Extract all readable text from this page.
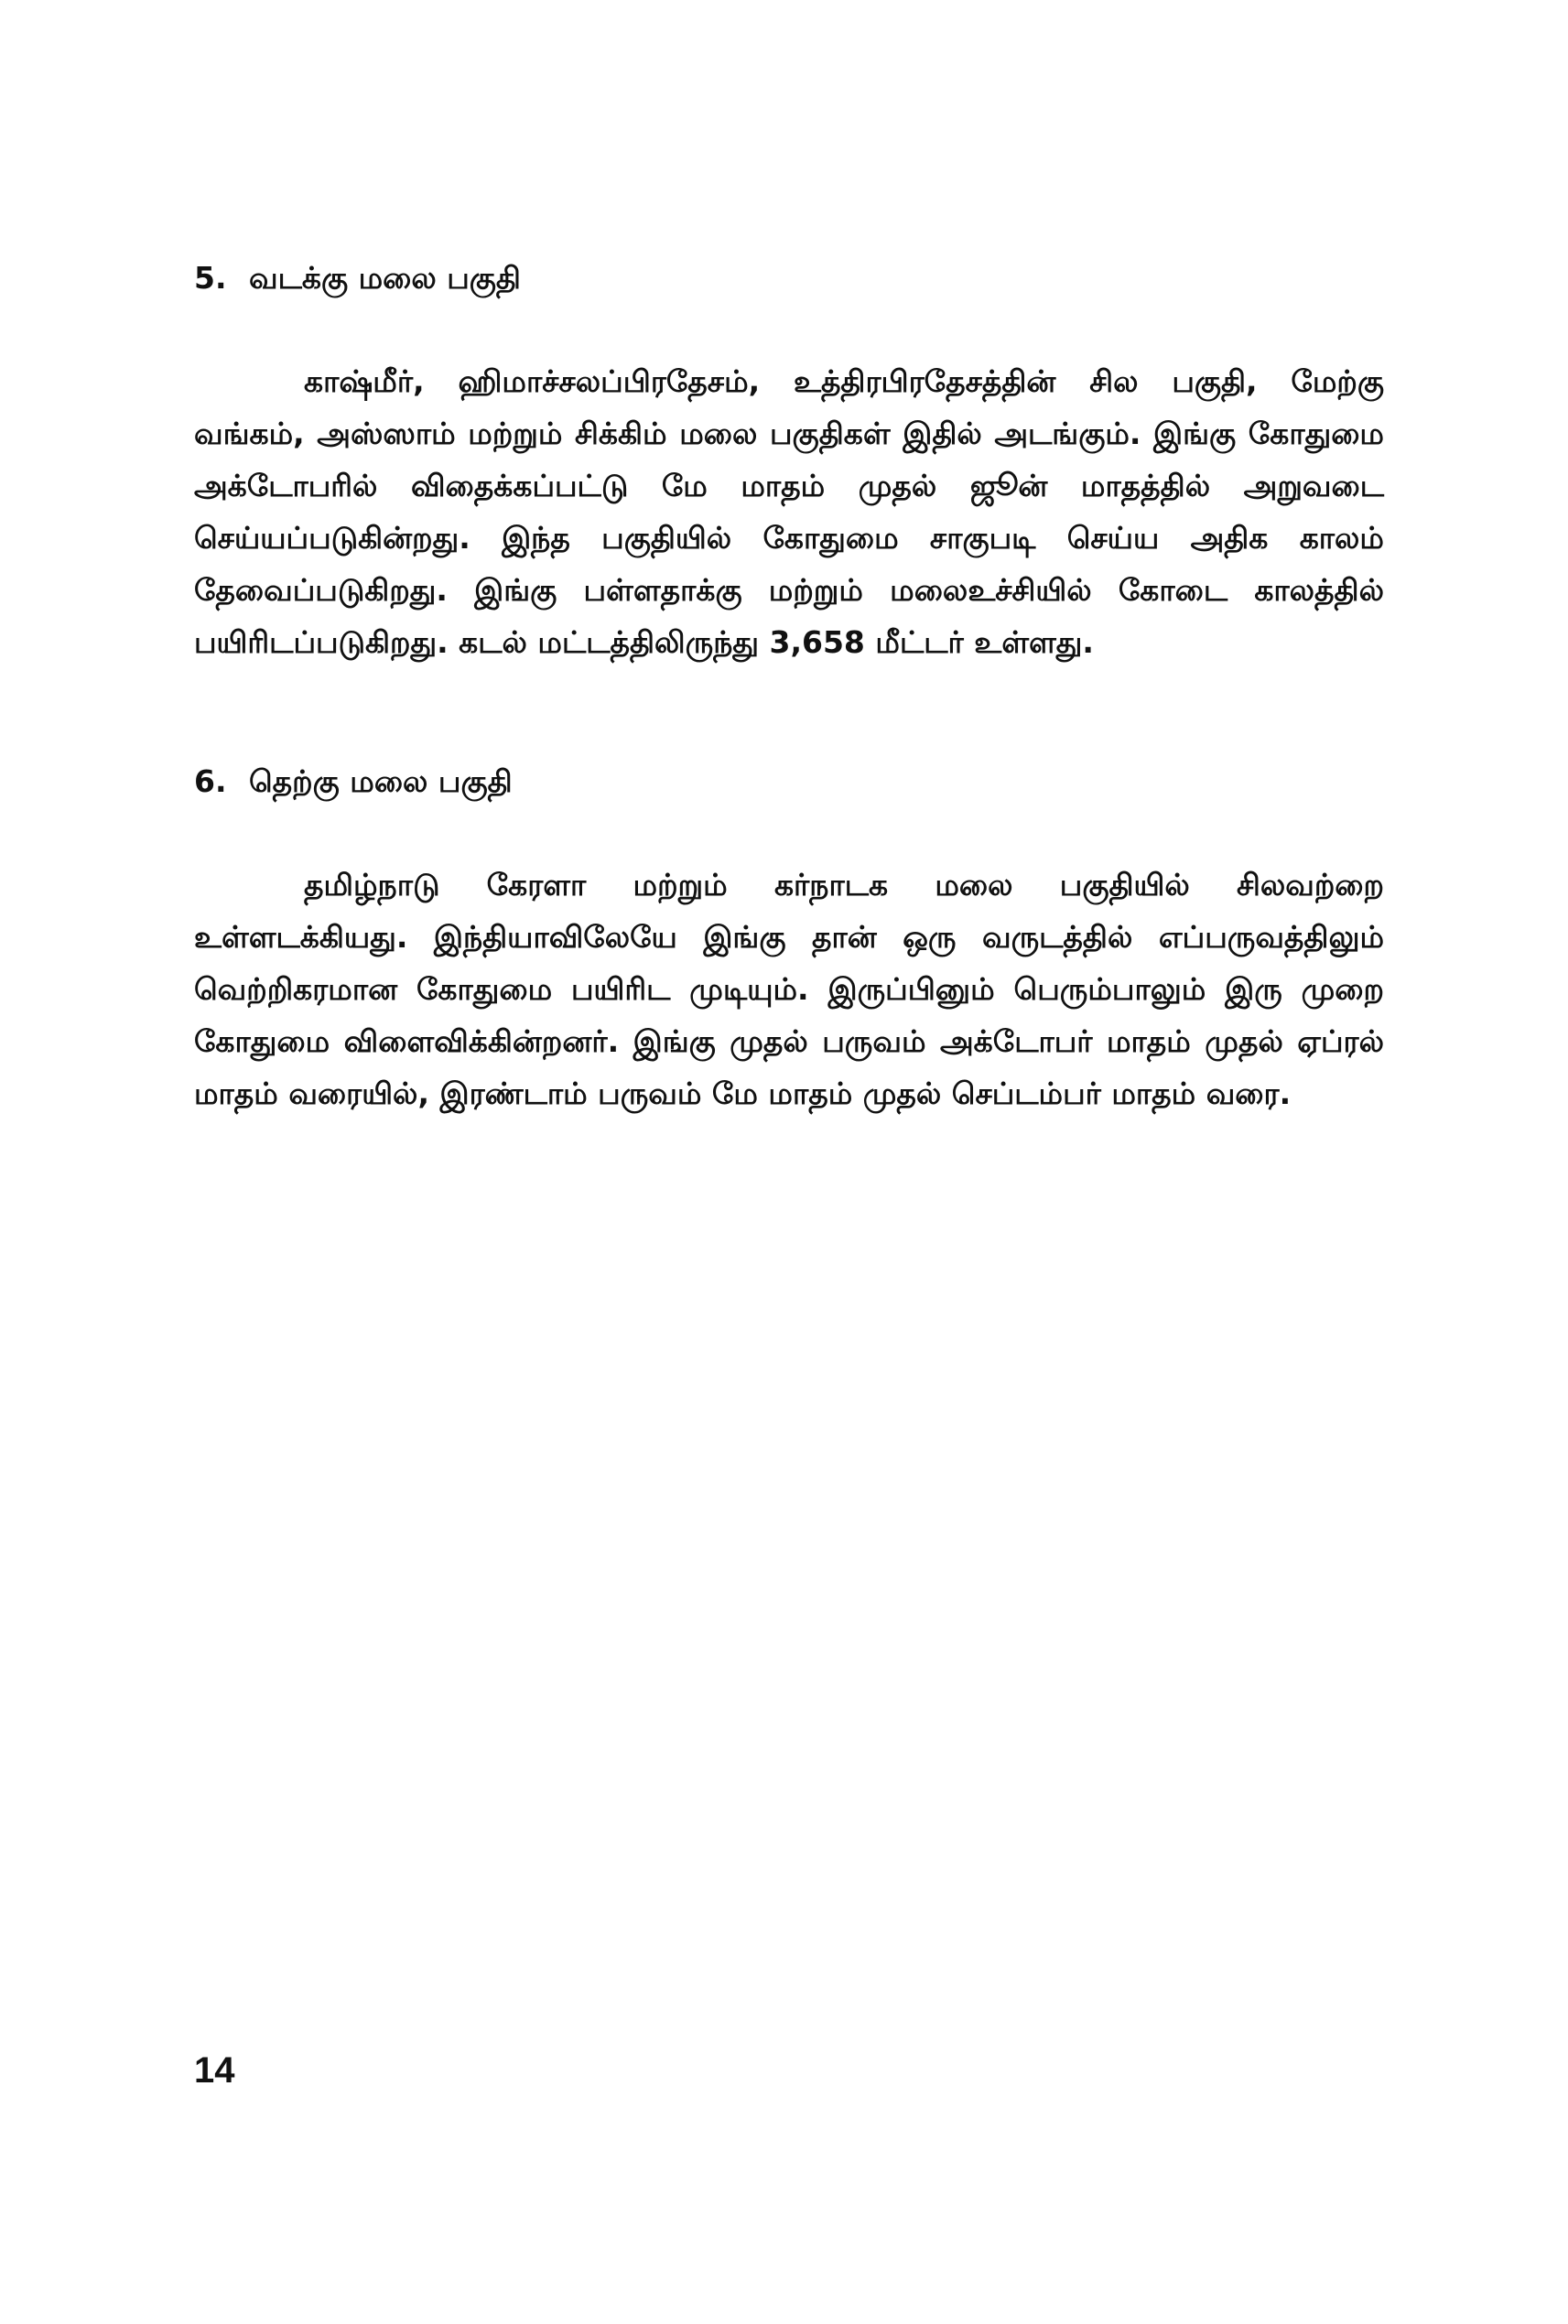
5. வடக்கு மலை பகுதி

காஷ்மீர், ஹிமாச்சலப்பிரதேசம், உத்திரபிரதேசத்தின் சில பகுதி, மேற்கு வங்கம், அஸ்ஸாம் மற்றும் சிக்கிம் மலை பகுதிகள் இதில் அடங்கும். இங்கு கோதுமை அக்டோபரில் விதைக்கப்பட்டு மே மாதம் முதல் ஜூன் மாதத்தில் அறுவடை செய்யப்படுகின்றது. இந்த பகுதியில் கோதுமை சாகுபடி செய்ய அதிக காலம் தேவைப்படுகிறது. இங்கு பள்ளதாக்கு மற்றும் மலைஉச்சியில் கோடை காலத்தில் பயிரிடப்படுகிறது. கடல் மட்டத்திலிருந்து 3,658 மீட்டர் உள்ளது.

6. தெற்கு மலை பகுதி

தமிழ்நாடு கேரளா மற்றும் கர்நாடக மலை பகுதியில் சிலவற்றை உள்ளடக்கியது. இந்தியாவிலேயே இங்கு தான் ஒரு வருடத்தில் எப்பருவத்திலும் வெற்றிகரமான கோதுமை பயிரிட முடியும். இருப்பினும் பெரும்பாலும் இரு முறை கோதுமை விளைவிக்கின்றனர். இங்கு முதல் பருவம் அக்டோபர் மாதம் முதல் ஏப்ரல் மாதம் வரையில், இரண்டாம் பருவம் மே மாதம் முதல் செப்டம்பர் மாதம் வரை.

14
